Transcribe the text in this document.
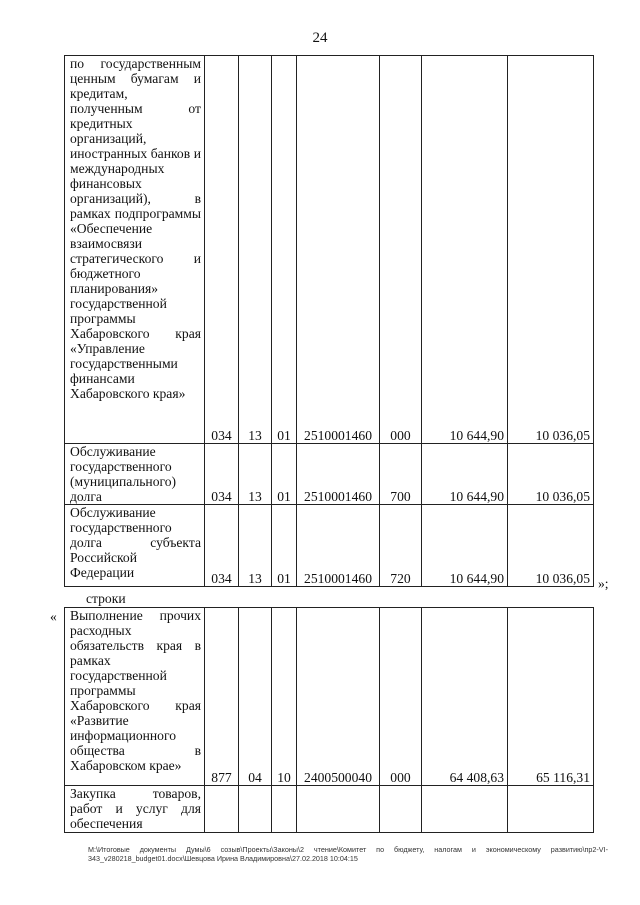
24
по государственным ценным бумагам и кредитам, полученным от кредитных организаций, иностранных банков и международных финансовых организаций), в рамках подпрограммы «Обеспечение взаимосвязи стратегического и бюджетного планирования» государственной программы Хабаровского края «Управление государственными финансами Хабаровского края»	034	13	01	2510001460	000	10 644,90	10 036,05

Обслуживание государственного (муниципального) долга	034	13	01	2510001460	700	10 644,90	10 036,05

Обслуживание государственного долга субъекта Российской Федерации	034	13	01	2510001460	720	10 644,90	10 036,05 »;
строки
« Выполнение прочих расходных обязательств края в рамках государственной программы Хабаровского края «Развитие информационного общества в Хабаровском крае»	877	04	10	2400500040	000	64 408,63	65 116,31

Закупка товаров, работ и услуг для обеспечения							

М:\Итоговые документы Думы\6 созыв\Проекты\Законы\2 чтение\Комитет по бюджету, налогам и экономическому развитию\пр2-VI-343_v280218_budget01.docx\Шевцова Ирина Владимировна\27.02.2018 10:04:15
